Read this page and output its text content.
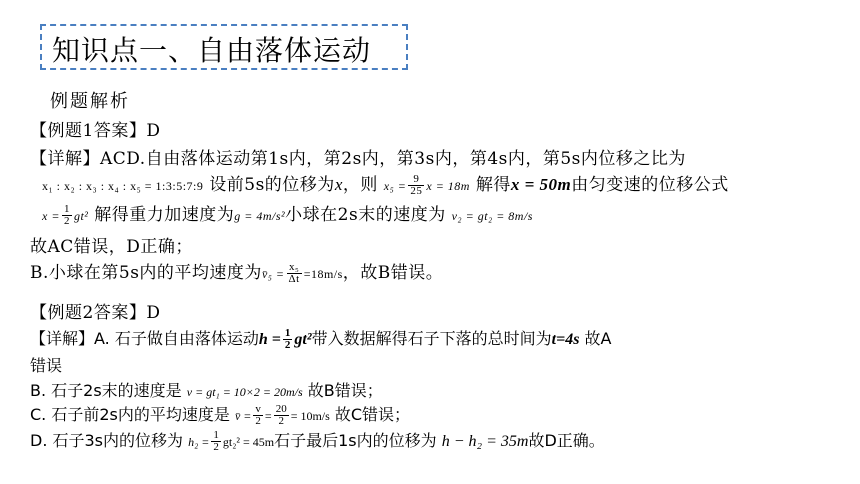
知识点一、自由落体运动
例题解析
【例题1答案】D
【详解】ACD.自由落体运动第1s内，第2s内，第3s内，第4s内，第5s内位移之比为
x₁ : x₂ : x₃ : x₄ : x₅ = 1:3:5:7:9 设前5s的位移为x，则 $x_5 = \frac{9}{25}$ x = 18m 解得x = 50m由匀变速的位移公式
$x = \frac{1}{2} gt^2$ 解得重力加速度为g = 4m/s²小球在2s末的速度为 v₂ = gt₂ = 8m/s
故AC错误，D正确；
B.小球在第5s内的平均速度为v̄₅ = $\frac{\text{x₅}}{\Delta t} =18m/s$，故B错误。
【例题2答案】D
【详解】A. 石子做自由落体运动$h = \frac{1}{2} gt^2$带入数据解得石子下落的总时间为t=4s 故A
错误
B. 石子2s末的速度是 v = gt₁ = 10×2 = 20m/s 故B错误；
C. 石子前2s内的平均速度是 v̄ = $\frac{v}{2} = \frac{20}{2} = 10m/s$ 故C错误；
D. 石子3s内的位移为 $h_2 = \frac{1}{2} gt_2^2 = 45m$石子最后1s内的位移为 h − h₂ = 35m故D正确。
